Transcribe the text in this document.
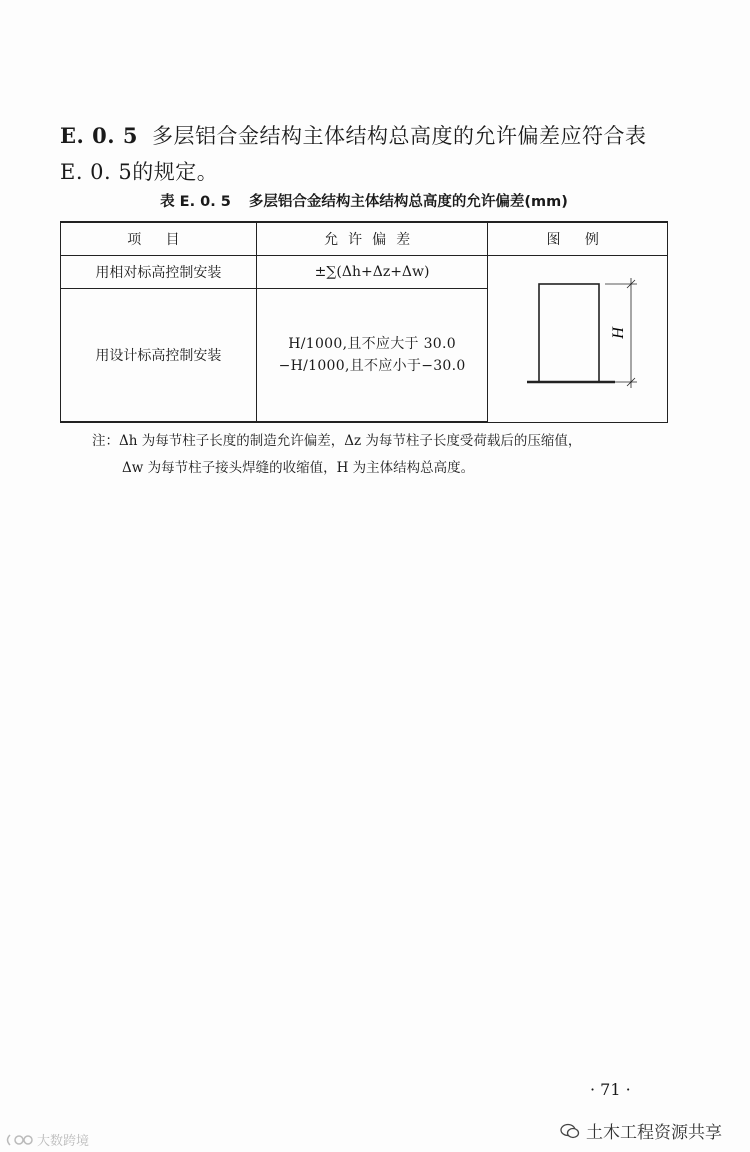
E. 0. 5 多层铝合金结构主体结构总高度的允许偏差应符合表
E. 0. 5的规定。
表 E. 0. 5 多层铝合金结构主体结构总高度的允许偏差(mm)
项 目	允许偏差	图 例
用相对标高控制安装	±∑(Δh+Δz+Δw)	H

用设计标高控制安装	H/1000,且不应大于 30.0
−H/1000,且不应小于−30.0	
注：Δh 为每节柱子长度的制造允许偏差，Δz 为每节柱子长度受荷载后的压缩值，
Δw 为每节柱子接头焊缝的收缩值，H 为主体结构总高度。
· 71 ·
土木工程资源共享
大数跨境
